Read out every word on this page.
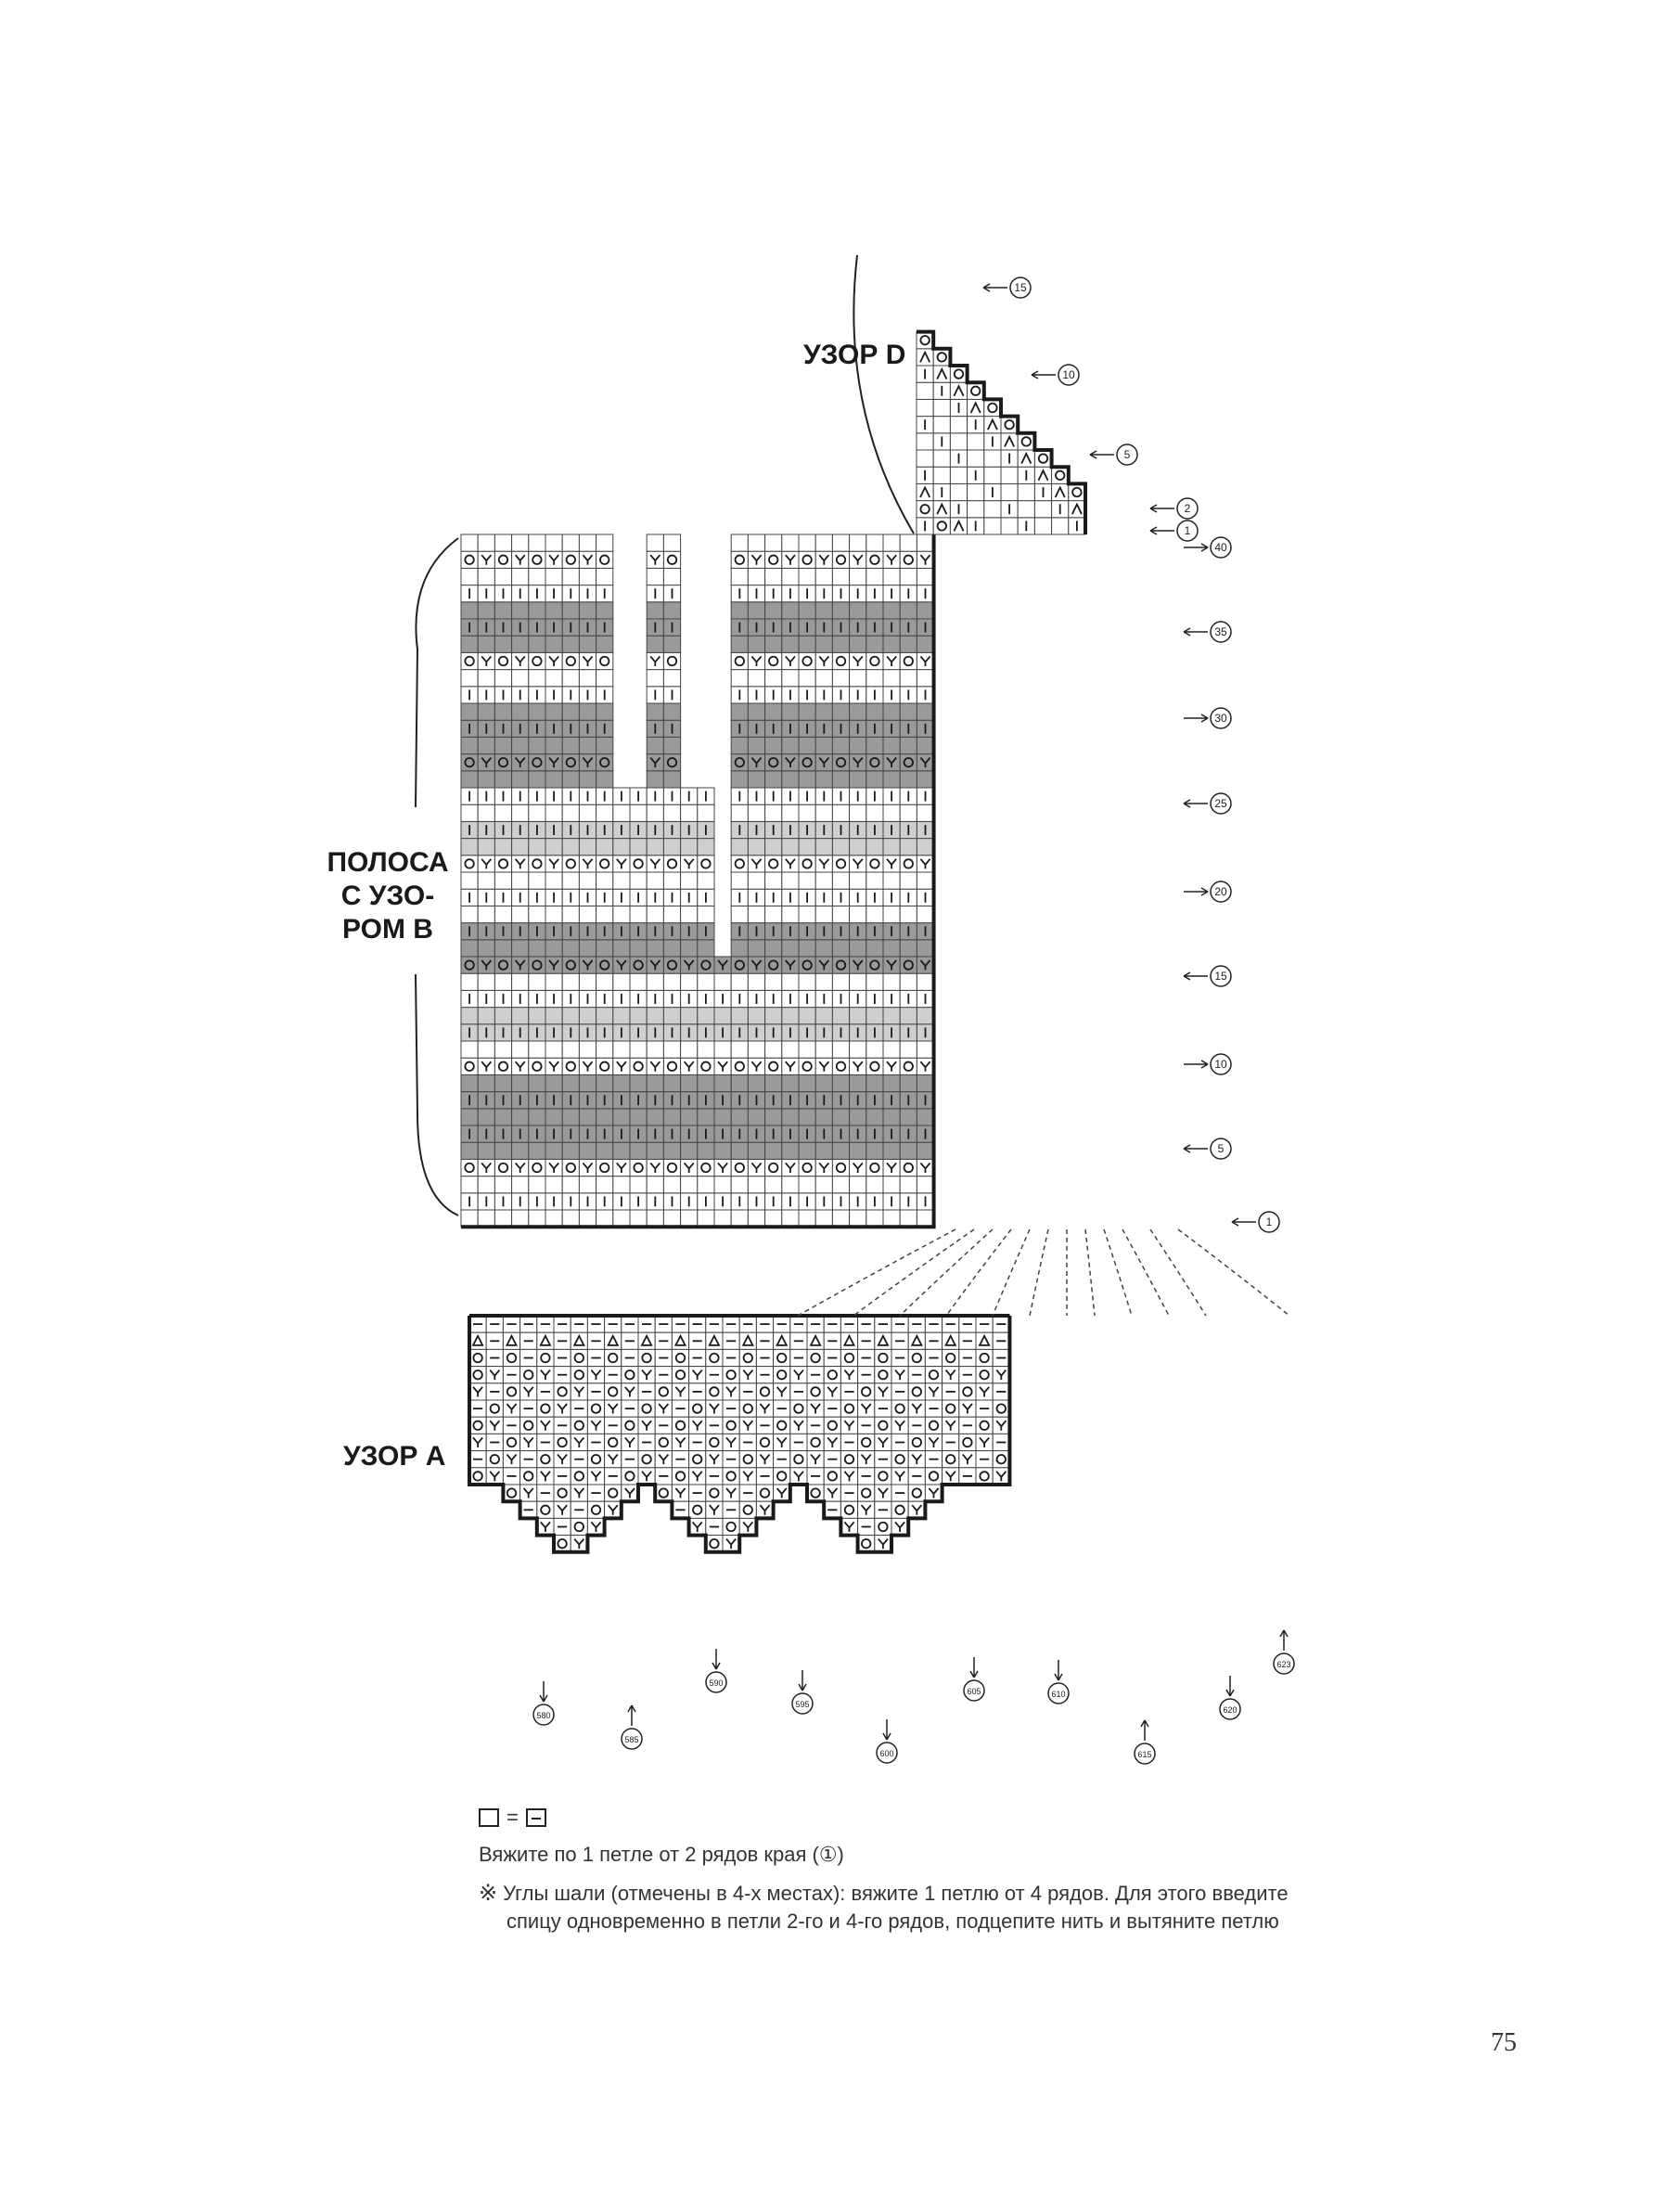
15
10
5
2
1
40
35
30
25
20
15
10
5
1
580
585
590
595
600
605	610
615
620
623
УЗОР D
ПОЛОСА
С УЗО-
РОМ В
УЗОР А
=
Вяжите по 1 петле от 2 рядов края (①)
※ Углы шали (отмечены в 4-х местах): вяжите 1 петлю от 4 рядов. Для этого введите
спицу одновременно в петли 2-го и 4-го рядов, подцепите нить и вытяните петлю
75
